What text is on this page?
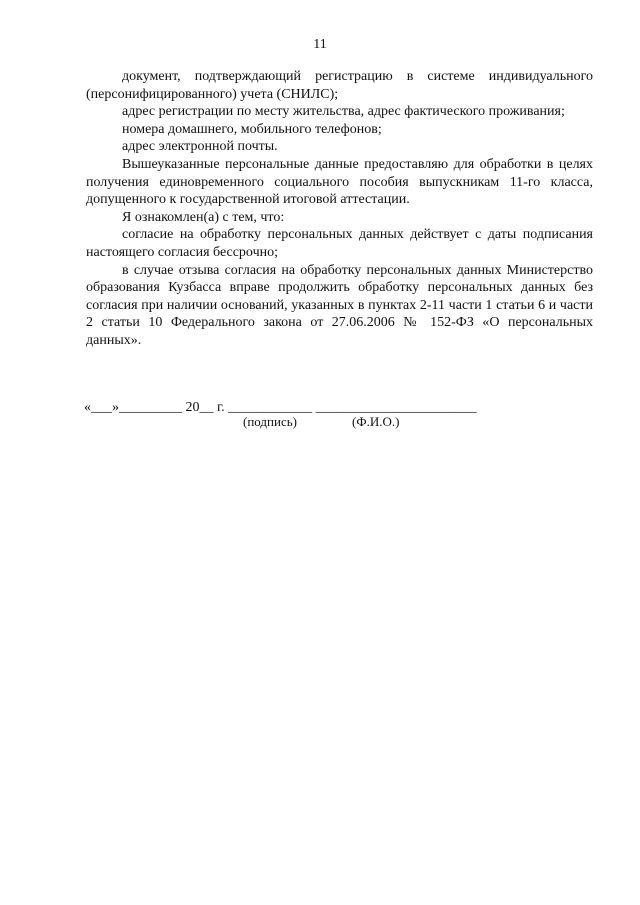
11

документ, подтверждающий регистрацию в системе индивидуального (персонифицированного) учета (СНИЛС);

адрес регистрации по месту жительства, адрес фактического проживания;

номера домашнего, мобильного телефонов;

адрес электронной почты.

Вышеуказанные персональные данные предоставляю для обработки в целях получения единовременного социального пособия выпускникам 11-го класса, допущенного к государственной итоговой аттестации.

Я ознакомлен(а) с тем, что:

согласие на обработку персональных данных действует с даты подписания настоящего согласия бессрочно;

в случае отзыва согласия на обработку персональных данных Министерство образования Кузбасса вправе продолжить обработку персональных данных без согласия при наличии оснований, указанных в пунктах 2-11 части 1 статьи 6 и части 2 статьи 10 Федерального закона от 27.06.2006 № 152-ФЗ «О персональных данных».

«___»_________ 20__ г. ____________ _______________________
(подпись)	(Ф.И.О.)
